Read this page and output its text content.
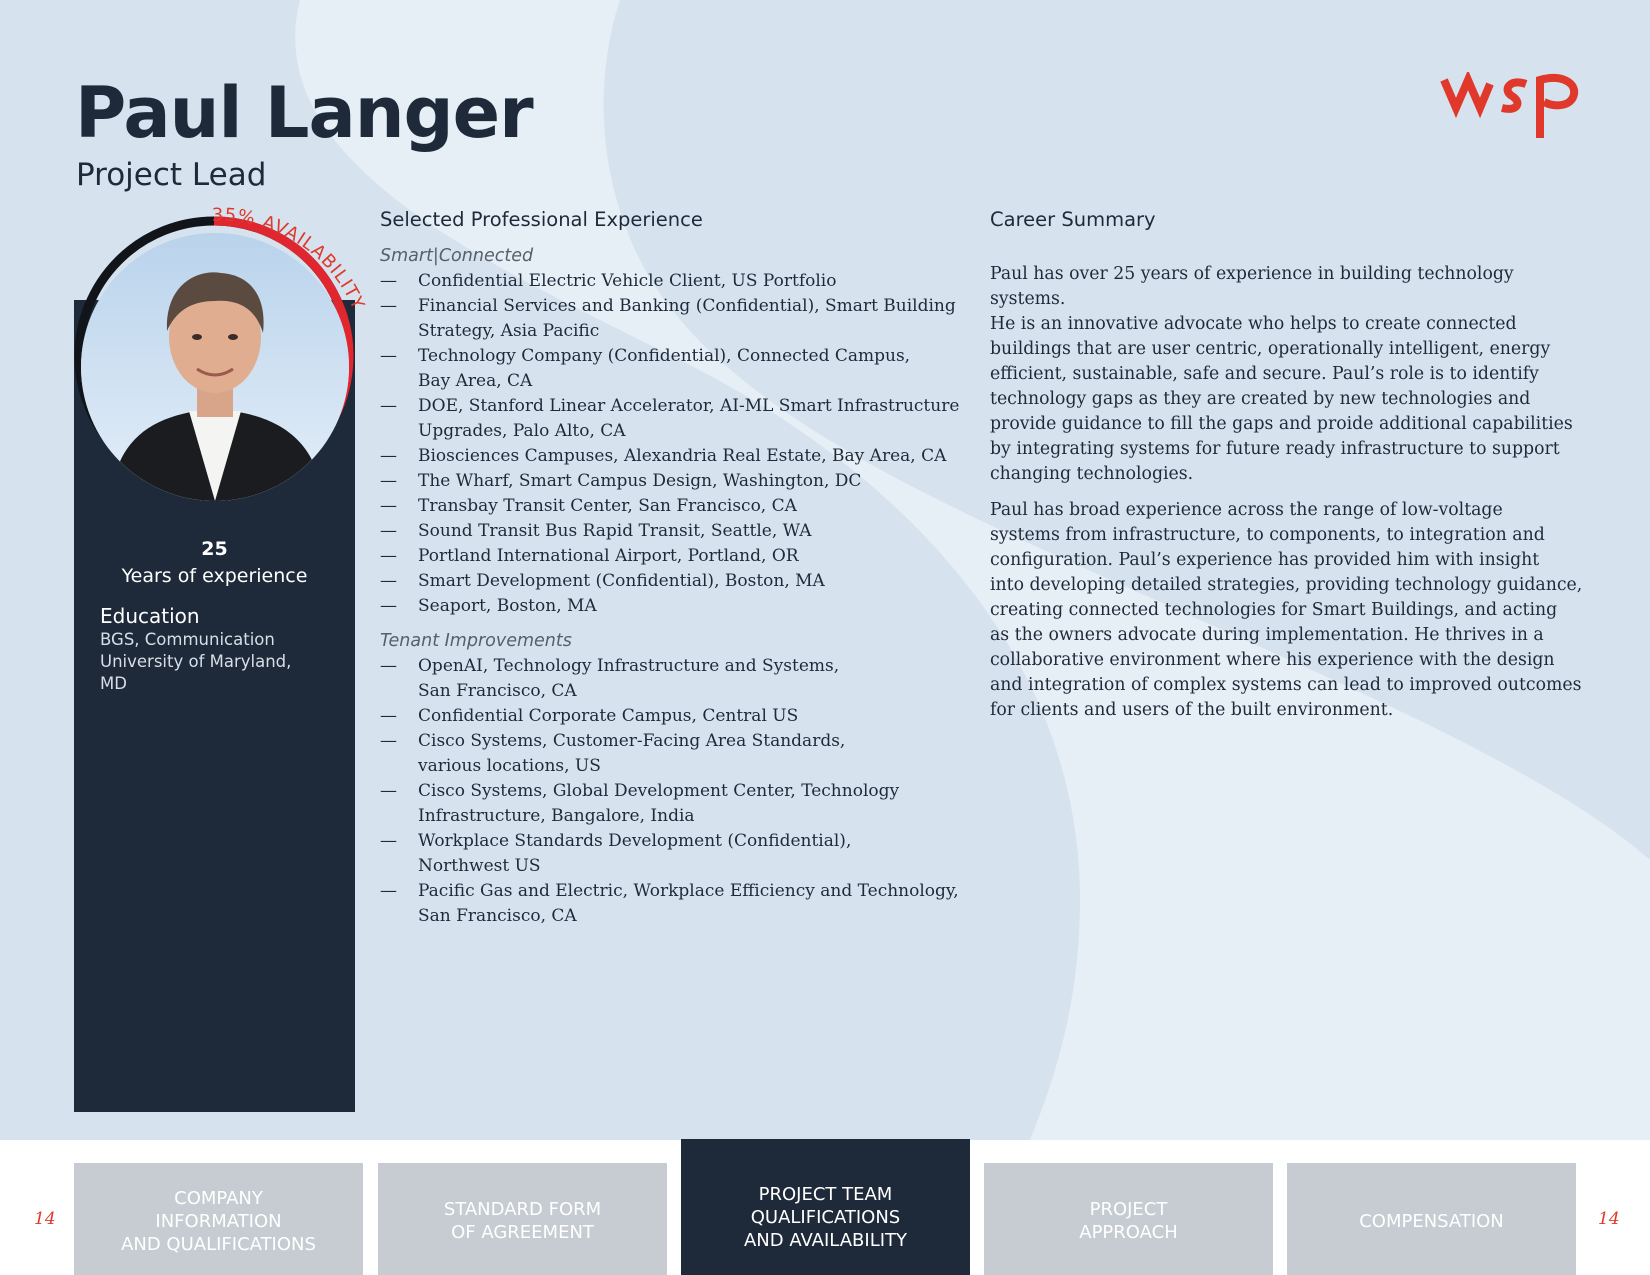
Paul Langer
Project Lead
35% AVAILABILITY
25
Years of experience
Education
BGS, Communication
University of Maryland,
MD
Selected Professional Experience
Smart|Connected
— Confidential Electric Vehicle Client, US Portfolio
— Financial Services and Banking (Confidential), Smart Building
Strategy, Asia Pacific
— Technology Company (Confidential), Connected Campus,
Bay Area, CA
— DOE, Stanford Linear Accelerator, AI-ML Smart Infrastructure
Upgrades, Palo Alto, CA
— Biosciences Campuses, Alexandria Real Estate, Bay Area, CA
— The Wharf, Smart Campus Design, Washington, DC
— Transbay Transit Center, San Francisco, CA
— Sound Transit Bus Rapid Transit, Seattle, WA
— Portland International Airport, Portland, OR
— Smart Development (Confidential), Boston, MA
— Seaport, Boston, MA
Tenant Improvements
— OpenAI, Technology Infrastructure and Systems,
San Francisco, CA
— Confidential Corporate Campus, Central US
— Cisco Systems, Customer-Facing Area Standards,
various locations, US
— Cisco Systems, Global Development Center, Technology
Infrastructure, Bangalore, India
— Workplace Standards Development (Confidential),
Northwest US
— Pacific Gas and Electric, Workplace Efficiency and Technology,
San Francisco, CA
Career Summary

Paul has over 25 years of experience in building technology systems.
He is an innovative advocate who helps to create connected
buildings that are user centric, operationally intelligent, energy
efficient, sustainable, safe and secure. Paul’s role is to identify
technology gaps as they are created by new technologies and
provide guidance to fill the gaps and proide additional capabilities
by integrating systems for future ready infrastructure to support
changing technologies.

Paul has broad experience across the range of low-voltage
systems from infrastructure, to components, to integration and
configuration. Paul’s experience has provided him with insight
into developing detailed strategies, providing technology guidance,
creating connected technologies for Smart Buildings, and acting
as the owners advocate during implementation. He thrives in a
collaborative environment where his experience with the design
and integration of complex systems can lead to improved outcomes
for clients and users of the built environment.

14	14
COMPANY
INFORMATION
AND QUALIFICATIONS
STANDARD FORM
OF AGREEMENT
PROJECT TEAM
QUALIFICATIONS
AND AVAILABILITY
PROJECT
APPROACH
COMPENSATION
